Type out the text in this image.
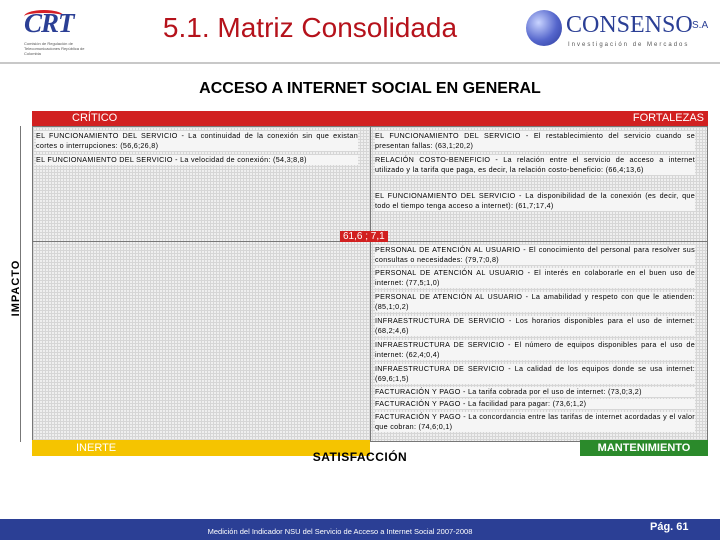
CRT
Comisión de Regulación de Telecomunicaciones República de Colombia
5.1. Matriz Consolidada	CONSENSO S.A
Investigación de Mercados
ACCESO A INTERNET SOCIAL EN GENERAL
CRÍTICO	FORTALEZAS
IMPACTO
EL FUNCIONAMIENTO DEL SERVICIO - La continuidad de la conexión sin que existan cortes o interrupciones: (56,6;26,8)
EL FUNCIONAMIENTO DEL SERVICIO - La velocidad de conexión: (54,3;8,8)
EL FUNCIONAMIENTO DEL SERVICIO - El restablecimiento del servicio cuando se presentan fallas: (63,1;20,2)
RELACIÓN COSTO-BENEFICIO - La relación entre el servicio de acceso a internet utilizado y la tarifa que paga, es decir, la relación costo-beneficio: (66,4;13,6)
EL FUNCIONAMIENTO DEL SERVICIO - La disponibilidad de la conexión (es decir, que todo el tiempo tenga acceso a internet): (61,7;17,4)
61,6 ; 7,1
PERSONAL DE ATENCIÓN AL USUARIO - El conocimiento del personal para resolver sus consultas o necesidades: (79,7;0,8)
PERSONAL DE ATENCIÓN AL USUARIO - El interés en colaborarle en el buen uso de internet: (77,5;1,0)
PERSONAL DE ATENCIÓN AL USUARIO - La amabilidad y respeto con que le atienden: (85,1;0,2)
INFRAESTRUCTURA DE SERVICIO - Los horarios disponibles para el uso de internet: (68,2;4,6)
INFRAESTRUCTURA DE SERVICIO - El número de equipos disponibles para el uso de internet: (62,4;0,4)
INFRAESTRUCTURA DE SERVICIO - La calidad de los equipos donde se usa internet: (69,6;1,5)
FACTURACIÓN Y PAGO - La tarifa cobrada por el uso de internet: (73,0;3,2)
FACTURACIÓN Y PAGO - La facilidad para pagar: (73,6;1,2)
FACTURACIÓN Y PAGO - La concordancia entre las tarifas de internet acordadas y el valor que cobran: (74,6;0,1)
INERTE	MANTENIMIENTO
SATISFACCIÓN
Medición del Indicador NSU del Servicio de Acceso a Internet Social 2007-2008	Pág. 61
